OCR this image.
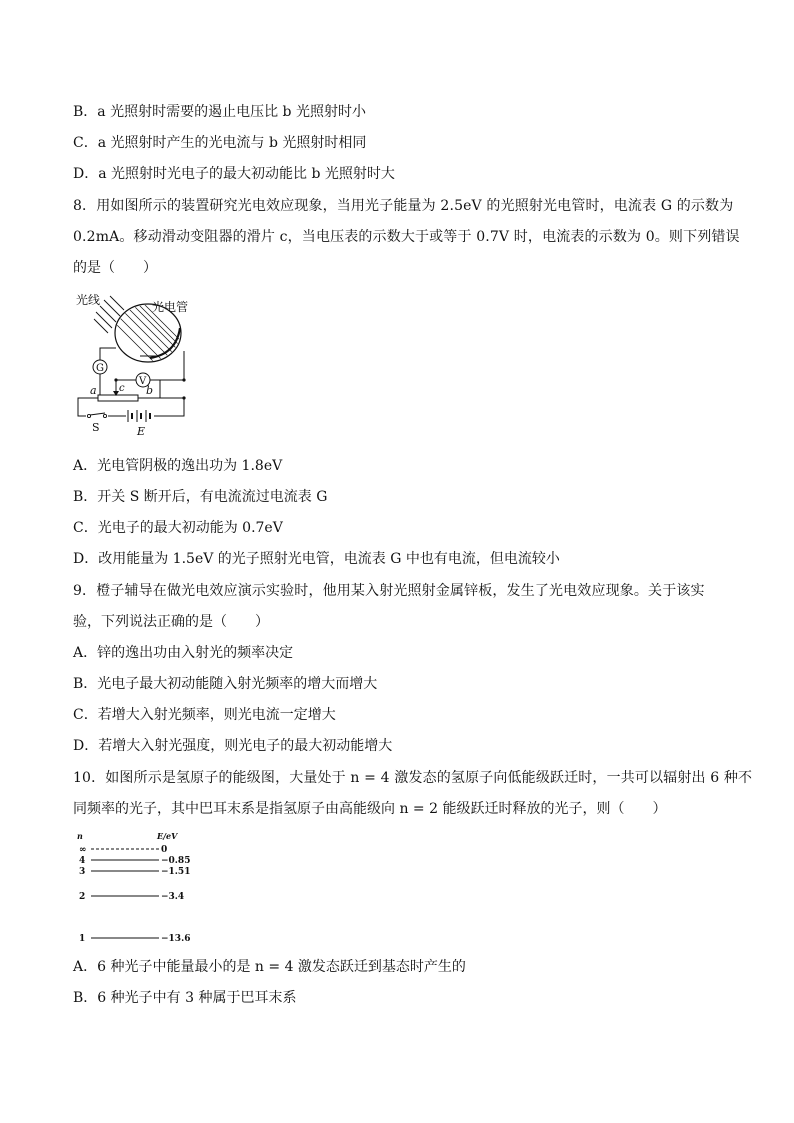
B．a 光照射时需要的遏止电压比 b 光照射时小
C．a 光照射时产生的光电流与 b 光照射时相同
D．a 光照射时光电子的最大初动能比 b 光照射时大
8．用如图所示的装置研究光电效应现象，当用光子能量为 2.5eV 的光照射光电管时，电流表 G 的示数为
0.2mA。移动滑动变阻器的滑片 c，当电压表的示数大于或等于 0.7V 时，电流表的示数为 0。则下列错误
的是（　　）
光线	光电管
G
V
a	b
c
S	E
A．光电管阴极的逸出功为 1.8eV
B．开关 S 断开后，有电流流过电流表 G
C．光电子的最大初动能为 0.7eV
D．改用能量为 1.5eV 的光子照射光电管，电流表 G 中也有电流，但电流较小
9．橙子辅导在做光电效应演示实验时，他用某入射光照射金属锌板，发生了光电效应现象。关于该实
验，下列说法正确的是（　　）
A．锌的逸出功由入射光的频率决定
B．光电子最大初动能随入射光频率的增大而增大
C．若增大入射光频率，则光电流一定增大
D．若增大入射光强度，则光电子的最大初动能增大
10．如图所示是氢原子的能级图，大量处于 n = 4 激发态的氢原子向低能级跃迁时，一共可以辐射出 6 种不
同频率的光子，其中巴耳末系是指氢原子由高能级向 n = 2 能级跃迁时释放的光子，则（　　）
n	E/eV
∞	0
4	−0.85
3	−1.51
2	−3.4
1	−13.6
A．6 种光子中能量最小的是 n = 4 激发态跃迁到基态时产生的
B．6 种光子中有 3 种属于巴耳末系
